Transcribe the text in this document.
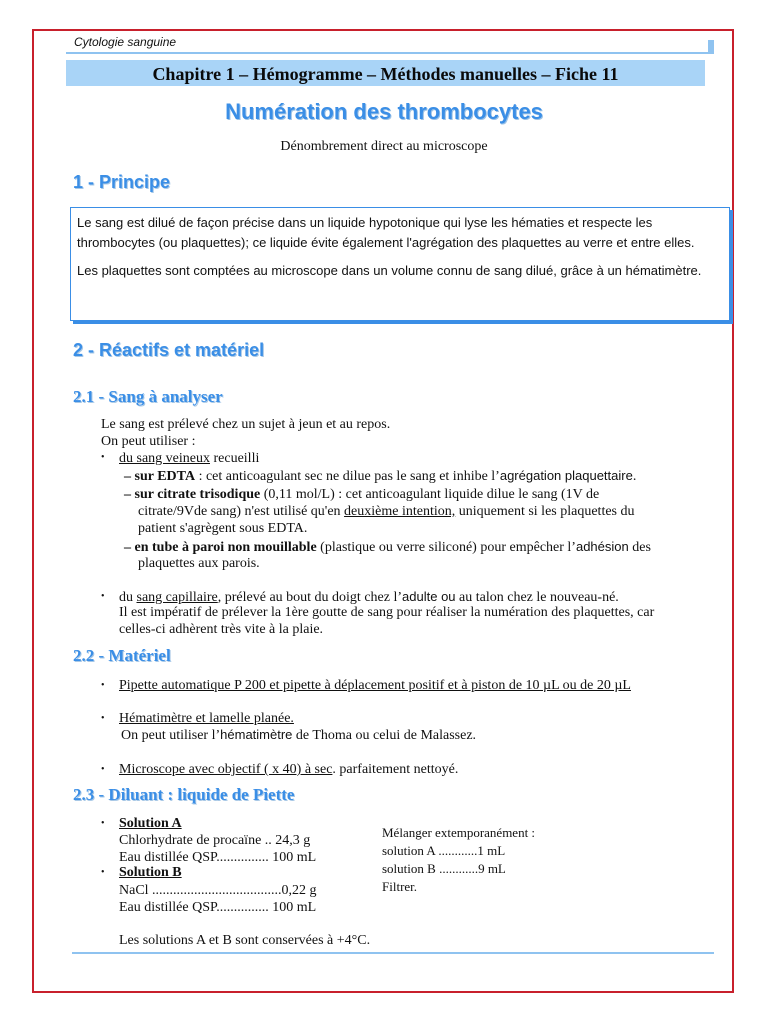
Cytologie sanguine
Chapitre 1 – Hémogramme – Méthodes manuelles – Fiche 11
Numération des thrombocytes
Dénombrement direct au microscope
1 - Principe

Le sang est dilué de façon précise dans un liquide hypotonique qui lyse les hématies et respecte les thrombocytes (ou plaquettes); ce liquide évite également l'agrégation des plaquettes au verre et entre elles.

Les plaquettes sont comptées au microscope dans un volume connu de sang dilué, grâce à un hématimètre.

2 - Réactifs et matériel
2.1 - Sang à analyser
Le sang est prélevé chez un sujet à jeun et au repos.
On peut utiliser :
• du sang veineux recueilli
– sur EDTA : cet anticoagulant sec ne dilue pas le sang et inhibe l’agrégation plaquettaire.
– sur citrate trisodique (0,11 mol/L) : cet anticoagulant liquide dilue le sang (1V de
citrate/9Vde sang) n'est utilisé qu'en deuxième intention, uniquement si les plaquettes du
patient s'agrègent sous EDTA.
– en tube à paroi non mouillable (plastique ou verre siliconé) pour empêcher l’adhésion des
plaquettes aux parois.
• du sang capillaire, prélevé au bout du doigt chez l’adulte ou au talon chez le nouveau-né.
Il est impératif de prélever la 1ère goutte de sang pour réaliser la numération des plaquettes, car
celles-ci adhèrent très vite à la plaie.
2.2 - Matériel
• Pipette automatique P 200 et pipette à déplacement positif et à piston de 10 µL ou de 20 µL
• Hématimètre et lamelle planée.
On peut utiliser l’hématimètre de Thoma ou celui de Malassez.
• Microscope avec objectif ( x 40) à sec. parfaitement nettoyé.
2.3 - Diluant : liquide de Piette
• Solution A
Chlorhydrate de procaïne .. 24,3 g
Eau distillée QSP............... 100 mL
• Solution B
NaCl .....................................0,22 g
Eau distillée QSP............... 100 mL
Mélanger extemporanément :
solution A ............1 mL
solution B ............9 mL
Filtrer.
Les solutions A et B sont conservées à +4°C.
